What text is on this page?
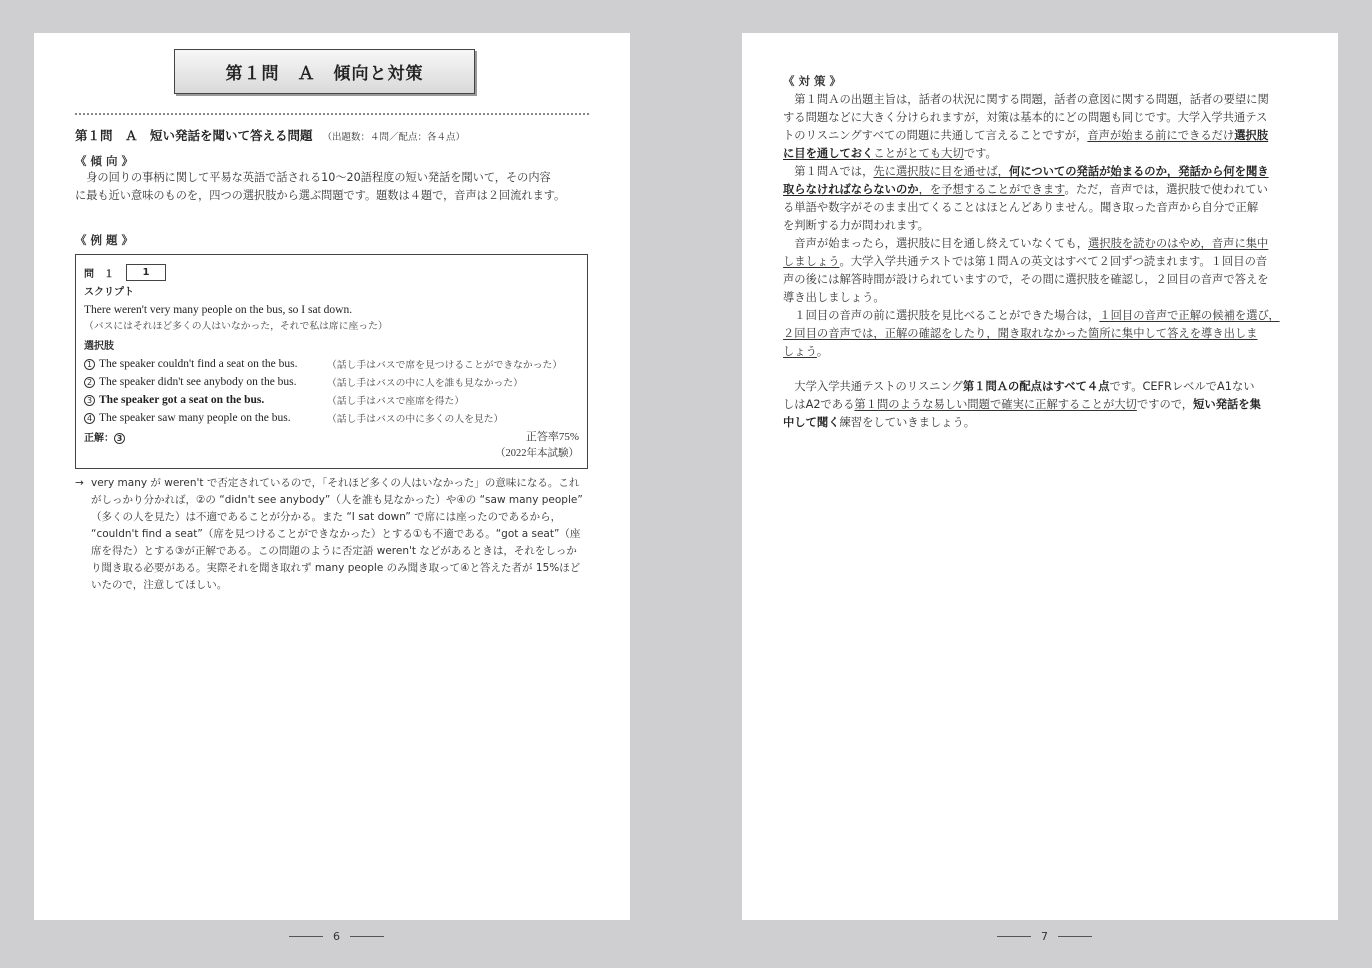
第１問　Ａ　傾向と対策
第１問　Ａ　短い発話を聞いて答える問題 （出題数：４問／配点：各４点）
《 傾 向 》
　身の回りの事柄に関して平易な英語で話される10～20語程度の短い発話を聞いて，その内容
に最も近い意味のものを，四つの選択肢から選ぶ問題です。題数は４題で，音声は２回流れます。
《 例 題 》
問　１	1
スクリプト
There weren't very many people on the bus, so I sat down.
（バスにはそれほど多くの人はいなかった，それで私は席に座った）
選択肢
1 The speaker couldn't find a seat on the bus.	（話し手はバスで席を見つけることができなかった）
2 The speaker didn't see anybody on the bus.	（話し手はバスの中に人を誰も見なかった）
3 The speaker got a seat on the bus.	（話し手はバスで座席を得た）
4 The speaker saw many people on the bus.	（話し手はバスの中に多くの人を見た）
正解： 3	正答率75%
（2022年本試験）
→ very many が weren't で否定されているので，「それほど多くの人はいなかった」の意味になる。これ
がしっかり分かれば，②の “didn't see anybody”（人を誰も見なかった）や④の “saw many people”
（多くの人を見た）は不適であることが分かる。また “I sat down” で席には座ったのであるから，
“couldn't find a seat”（席を見つけることができなかった）とする①も不適である。“got a seat”（座
席を得た）とする③が正解である。この問題のように否定語 weren't などがあるときは，それをしっか
り聞き取る必要がある。実際それを聞き取れず many people のみ聞き取って④と答えた者が 15%ほど
いたので，注意してほしい。
《 対 策 》
　第１問Ａの出題主旨は，話者の状況に関する問題，話者の意図に関する問題，話者の要望に関
する問題などに大きく分けられますが，対策は基本的にどの問題も同じです。大学入学共通テス
トのリスニングすべての問題に共通して言えることですが，音声が始まる前にできるだけ選択肢
に目を通しておくことがとても大切です。
　第１問Ａでは，先に選択肢に目を通せば，何についての発話が始まるのか，発話から何を聞き
取らなければならないのか，を予想することができます。ただ，音声では，選択肢で使われてい
る単語や数字がそのまま出てくることはほとんどありません。聞き取った音声から自分で正解
を判断する力が問われます。
　音声が始まったら，選択肢に目を通し終えていなくても，選択肢を読むのはやめ，音声に集中
しましょう。大学入学共通テストでは第１問Ａの英文はすべて２回ずつ読まれます。１回目の音
声の後には解答時間が設けられていますので，その間に選択肢を確認し，２回目の音声で答えを
導き出しましょう。
　１回目の音声の前に選択肢を見比べることができた場合は，１回目の音声で正解の候補を選び，
２回目の音声では，正解の確認をしたり，聞き取れなかった箇所に集中して答えを導き出しま
しょう。
　大学入学共通テストのリスニング第１問Ａの配点はすべて４点です。CEFRレベルでA1ない
しはA2である第１問のような易しい問題で確実に正解することが大切ですので，短い発話を集
中して聞く練習をしていきましょう。
6	7
